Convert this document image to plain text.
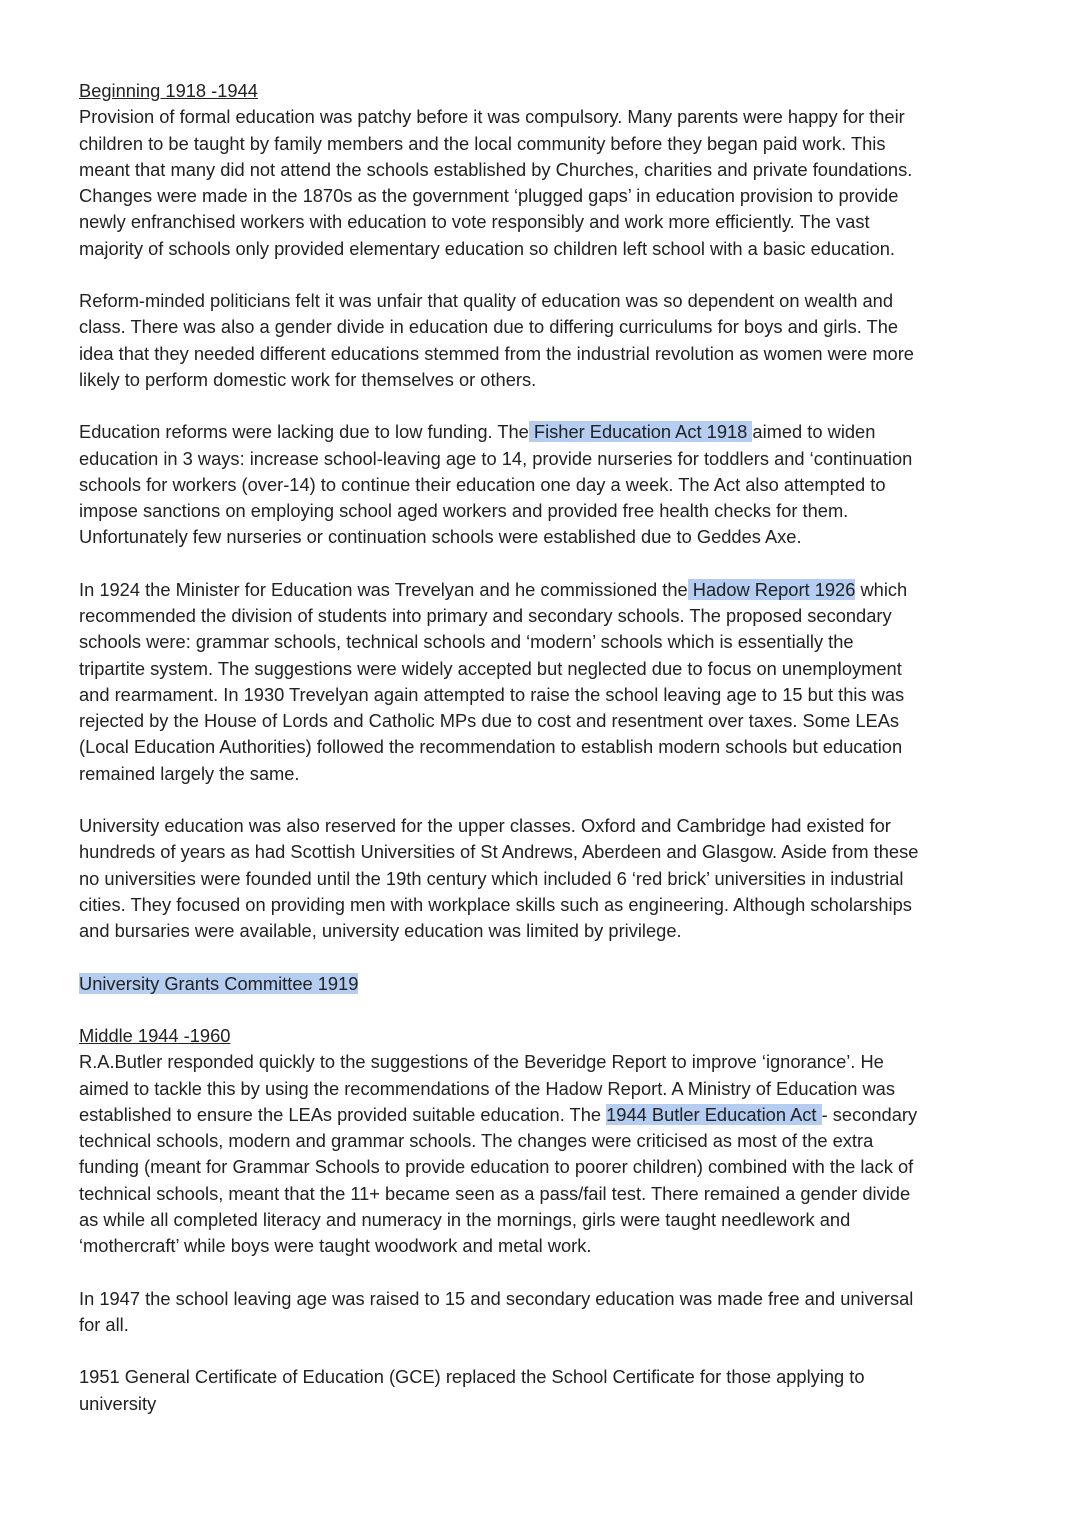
Beginning 1918 -1944
Provision of formal education was patchy before it was compulsory. Many parents were happy for their
children to be taught by family members and the local community before they began paid work. This
meant that many did not attend the schools established by Churches, charities and private foundations.
Changes were made in the 1870s as the government ‘plugged gaps’ in education provision to provide
newly enfranchised workers with education to vote responsibly and work more efficiently. The vast
majority of schools only provided elementary education so children left school with a basic education.
Reform-minded politicians felt it was unfair that quality of education was so dependent on wealth and
class. There was also a gender divide in education due to differing curriculums for boys and girls. The
idea that they needed different educations stemmed from the industrial revolution as women were more
likely to perform domestic work for themselves or others.
Education reforms were lacking due to low funding. The Fisher Education Act 1918 aimed to widen
education in 3 ways: increase school-leaving age to 14, provide nurseries for toddlers and ‘continuation
schools for workers (over-14) to continue their education one day a week. The Act also attempted to
impose sanctions on employing school aged workers and provided free health checks for them.
Unfortunately few nurseries or continuation schools were established due to Geddes Axe.
In 1924 the Minister for Education was Trevelyan and he commissioned the Hadow Report 1926 which
recommended the division of students into primary and secondary schools. The proposed secondary
schools were: grammar schools, technical schools and ‘modern’ schools which is essentially the
tripartite system. The suggestions were widely accepted but neglected due to focus on unemployment
and rearmament. In 1930 Trevelyan again attempted to raise the school leaving age to 15 but this was
rejected by the House of Lords and Catholic MPs due to cost and resentment over taxes. Some LEAs
(Local Education Authorities) followed the recommendation to establish modern schools but education
remained largely the same.
University education was also reserved for the upper classes. Oxford and Cambridge had existed for
hundreds of years as had Scottish Universities of St Andrews, Aberdeen and Glasgow. Aside from these
no universities were founded until the 19th century which included 6 ‘red brick’ universities in industrial
cities. They focused on providing men with workplace skills such as engineering. Although scholarships
and bursaries were available, university education was limited by privilege.
University Grants Committee 1919
Middle 1944 -1960
R.A.Butler responded quickly to the suggestions of the Beveridge Report to improve ‘ignorance’. He
aimed to tackle this by using the recommendations of the Hadow Report. A Ministry of Education was
established to ensure the LEAs provided suitable education. The 1944 Butler Education Act - secondary
technical schools, modern and grammar schools. The changes were criticised as most of the extra
funding (meant for Grammar Schools to provide education to poorer children) combined with the lack of
technical schools, meant that the 11+ became seen as a pass/fail test. There remained a gender divide
as while all completed literacy and numeracy in the mornings, girls were taught needlework and
‘mothercraft’ while boys were taught woodwork and metal work.
In 1947 the school leaving age was raised to 15 and secondary education was made free and universal
for all.
1951 General Certificate of Education (GCE) replaced the School Certificate for those applying to
university
